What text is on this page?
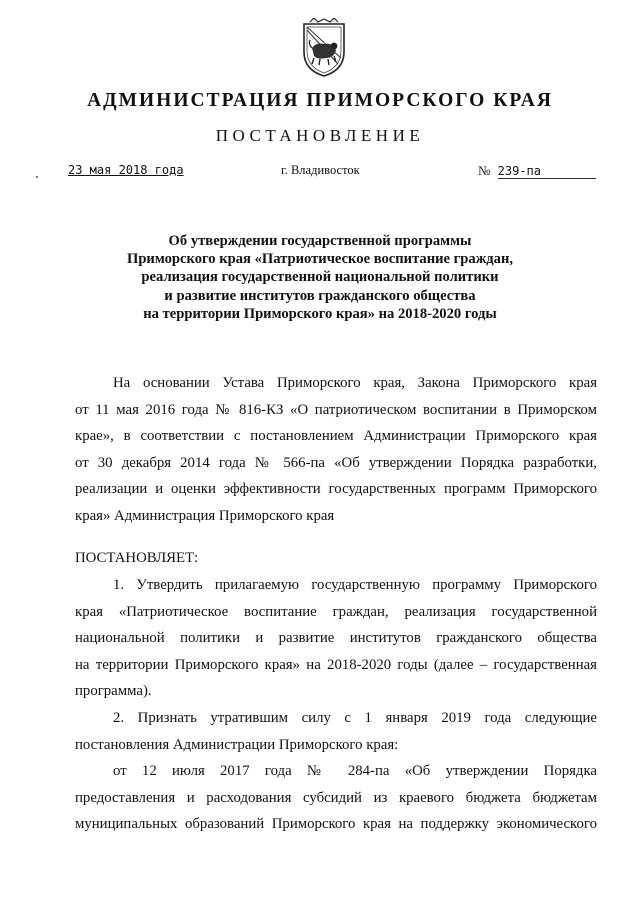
АДМИНИСТРАЦИЯ ПРИМОРСКОГО КРАЯ
ПОСТАНОВЛЕНИЕ
23 мая 2018 года	г. Владивосток	№ 239-па
Об утверждении государственной программы
Приморского края «Патриотическое воспитание граждан,
реализация государственной национальной политики
и развитие институтов гражданского общества
на территории Приморского края» на 2018-2020 годы
На основании Устава Приморского края, Закона Приморского края
от 11 мая 2016 года № 816-КЗ «О патриотическом воспитании в Приморском
крае», в соответствии с постановлением Администрации Приморского края
от 30 декабря 2014 года № 566-па «Об утверждении Порядка разработки,
реализации и оценки эффективности государственных программ Приморского
края» Администрация Приморского края
ПОСТАНОВЛЯЕТ:
1. Утвердить прилагаемую государственную программу Приморского
края «Патриотическое воспитание граждан, реализация государственной
национальной политики и развитие институтов гражданского общества
на территории Приморского края» на 2018-2020 годы (далее – государственная
программа).
2. Признать утратившим силу с 1 января 2019 года следующие
постановления Администрации Приморского края:
от 12 июля 2017 года № 284-па «Об утверждении Порядка
предоставления и расходования субсидий из краевого бюджета бюджетам
муниципальных образований Приморского края на поддержку экономического
